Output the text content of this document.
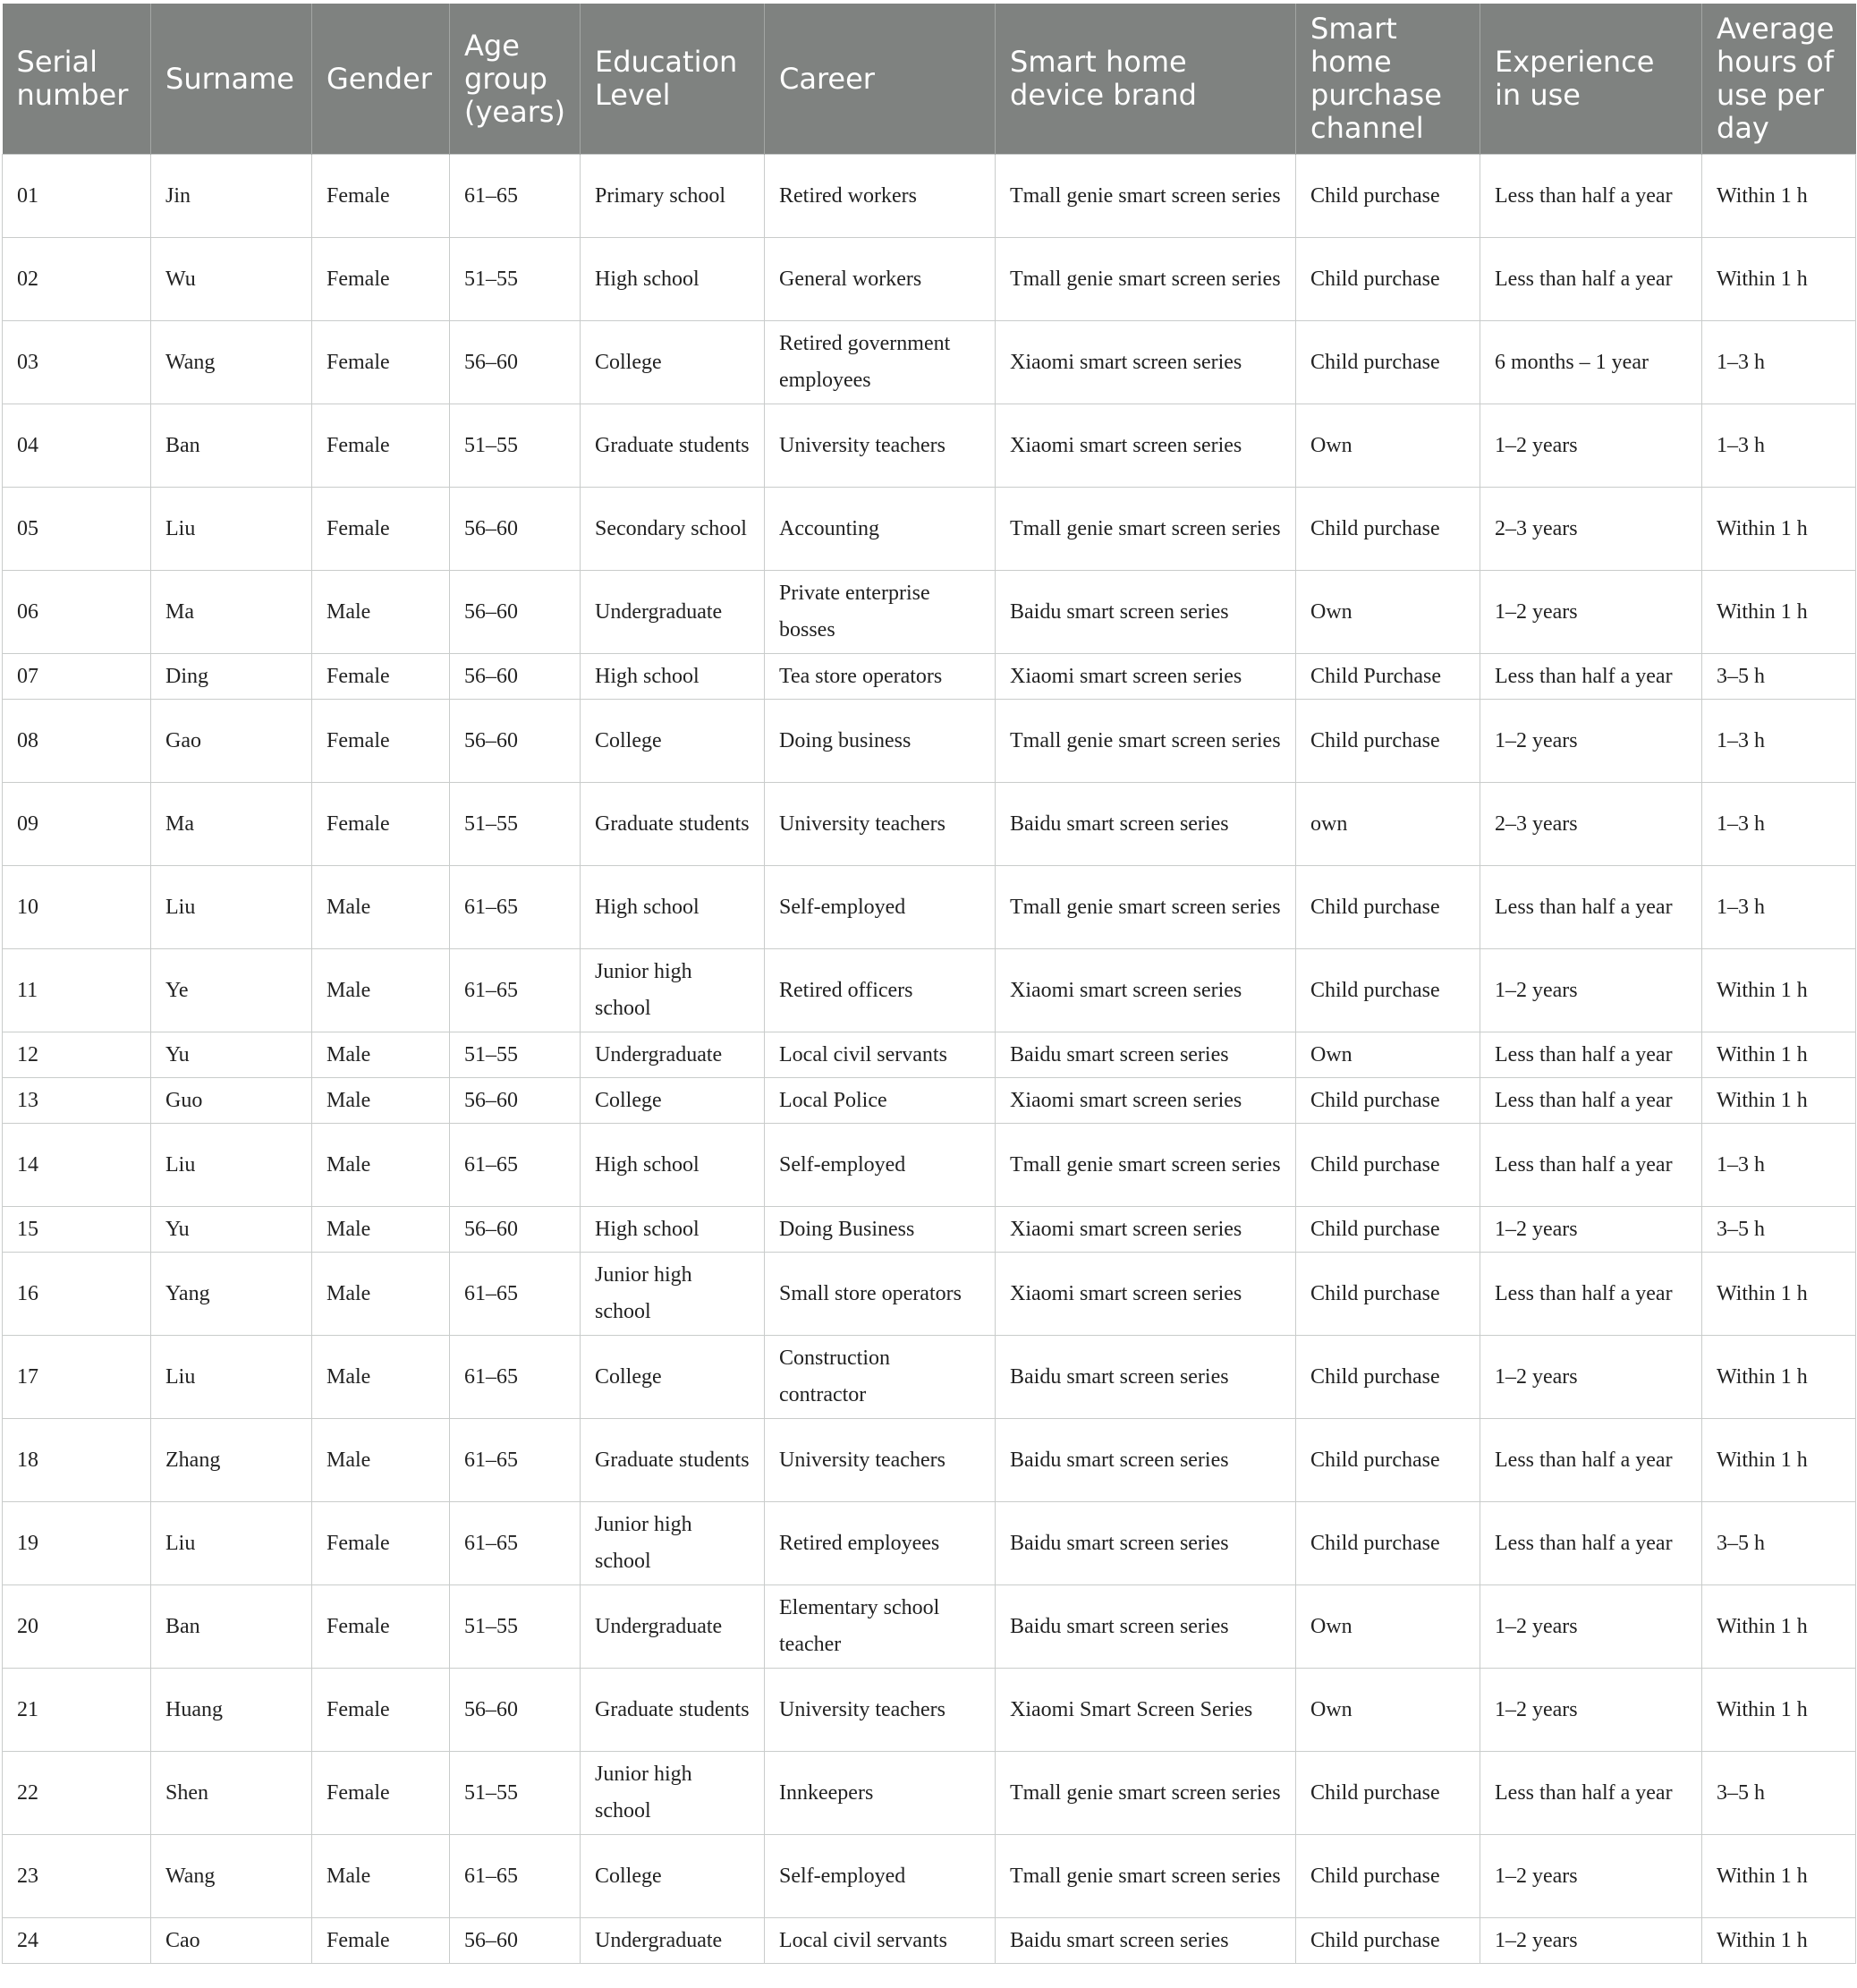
Serial number	Surname	Gender	Age group (years)	Education Level	Career	Smart home device brand	Smart home purchase channel	Experience in use	Average hours of use per day
01	Jin	Female	61–65	Primary school	Retired workers	Tmall genie smart screen series	Child purchase	Less than half a year	Within 1 h
02	Wu	Female	51–55	High school	General workers	Tmall genie smart screen series	Child purchase	Less than half a year	Within 1 h
03	Wang	Female	56–60	College	Retired government employees	Xiaomi smart screen series	Child purchase	6 months – 1 year	1–3 h
04	Ban	Female	51–55	Graduate students	University teachers	Xiaomi smart screen series	Own	1–2 years	1–3 h
05	Liu	Female	56–60	Secondary school	Accounting	Tmall genie smart screen series	Child purchase	2–3 years	Within 1 h
06	Ma	Male	56–60	Undergraduate	Private enterprise bosses	Baidu smart screen series	Own	1–2 years	Within 1 h
07	Ding	Female	56–60	High school	Tea store operators	Xiaomi smart screen series	Child Purchase	Less than half a year	3–5 h
08	Gao	Female	56–60	College	Doing business	Tmall genie smart screen series	Child purchase	1–2 years	1–3 h
09	Ma	Female	51–55	Graduate students	University teachers	Baidu smart screen series	own	2–3 years	1–3 h
10	Liu	Male	61–65	High school	Self-employed	Tmall genie smart screen series	Child purchase	Less than half a year	1–3 h
11	Ye	Male	61–65	Junior high school	Retired officers	Xiaomi smart screen series	Child purchase	1–2 years	Within 1 h
12	Yu	Male	51–55	Undergraduate	Local civil servants	Baidu smart screen series	Own	Less than half a year	Within 1 h
13	Guo	Male	56–60	College	Local Police	Xiaomi smart screen series	Child purchase	Less than half a year	Within 1 h
14	Liu	Male	61–65	High school	Self-employed	Tmall genie smart screen series	Child purchase	Less than half a year	1–3 h
15	Yu	Male	56–60	High school	Doing Business	Xiaomi smart screen series	Child purchase	1–2 years	3–5 h
16	Yang	Male	61–65	Junior high school	Small store operators	Xiaomi smart screen series	Child purchase	Less than half a year	Within 1 h
17	Liu	Male	61–65	College	Construction contractor	Baidu smart screen series	Child purchase	1–2 years	Within 1 h
18	Zhang	Male	61–65	Graduate students	University teachers	Baidu smart screen series	Child purchase	Less than half a year	Within 1 h
19	Liu	Female	61–65	Junior high school	Retired employees	Baidu smart screen series	Child purchase	Less than half a year	3–5 h
20	Ban	Female	51–55	Undergraduate	Elementary school teacher	Baidu smart screen series	Own	1–2 years	Within 1 h
21	Huang	Female	56–60	Graduate students	University teachers	Xiaomi Smart Screen Series	Own	1–2 years	Within 1 h
22	Shen	Female	51–55	Junior high school	Innkeepers	Tmall genie smart screen series	Child purchase	Less than half a year	3–5 h
23	Wang	Male	61–65	College	Self-employed	Tmall genie smart screen series	Child purchase	1–2 years	Within 1 h
24	Cao	Female	56–60	Undergraduate	Local civil servants	Baidu smart screen series	Child purchase	1–2 years	Within 1 h
